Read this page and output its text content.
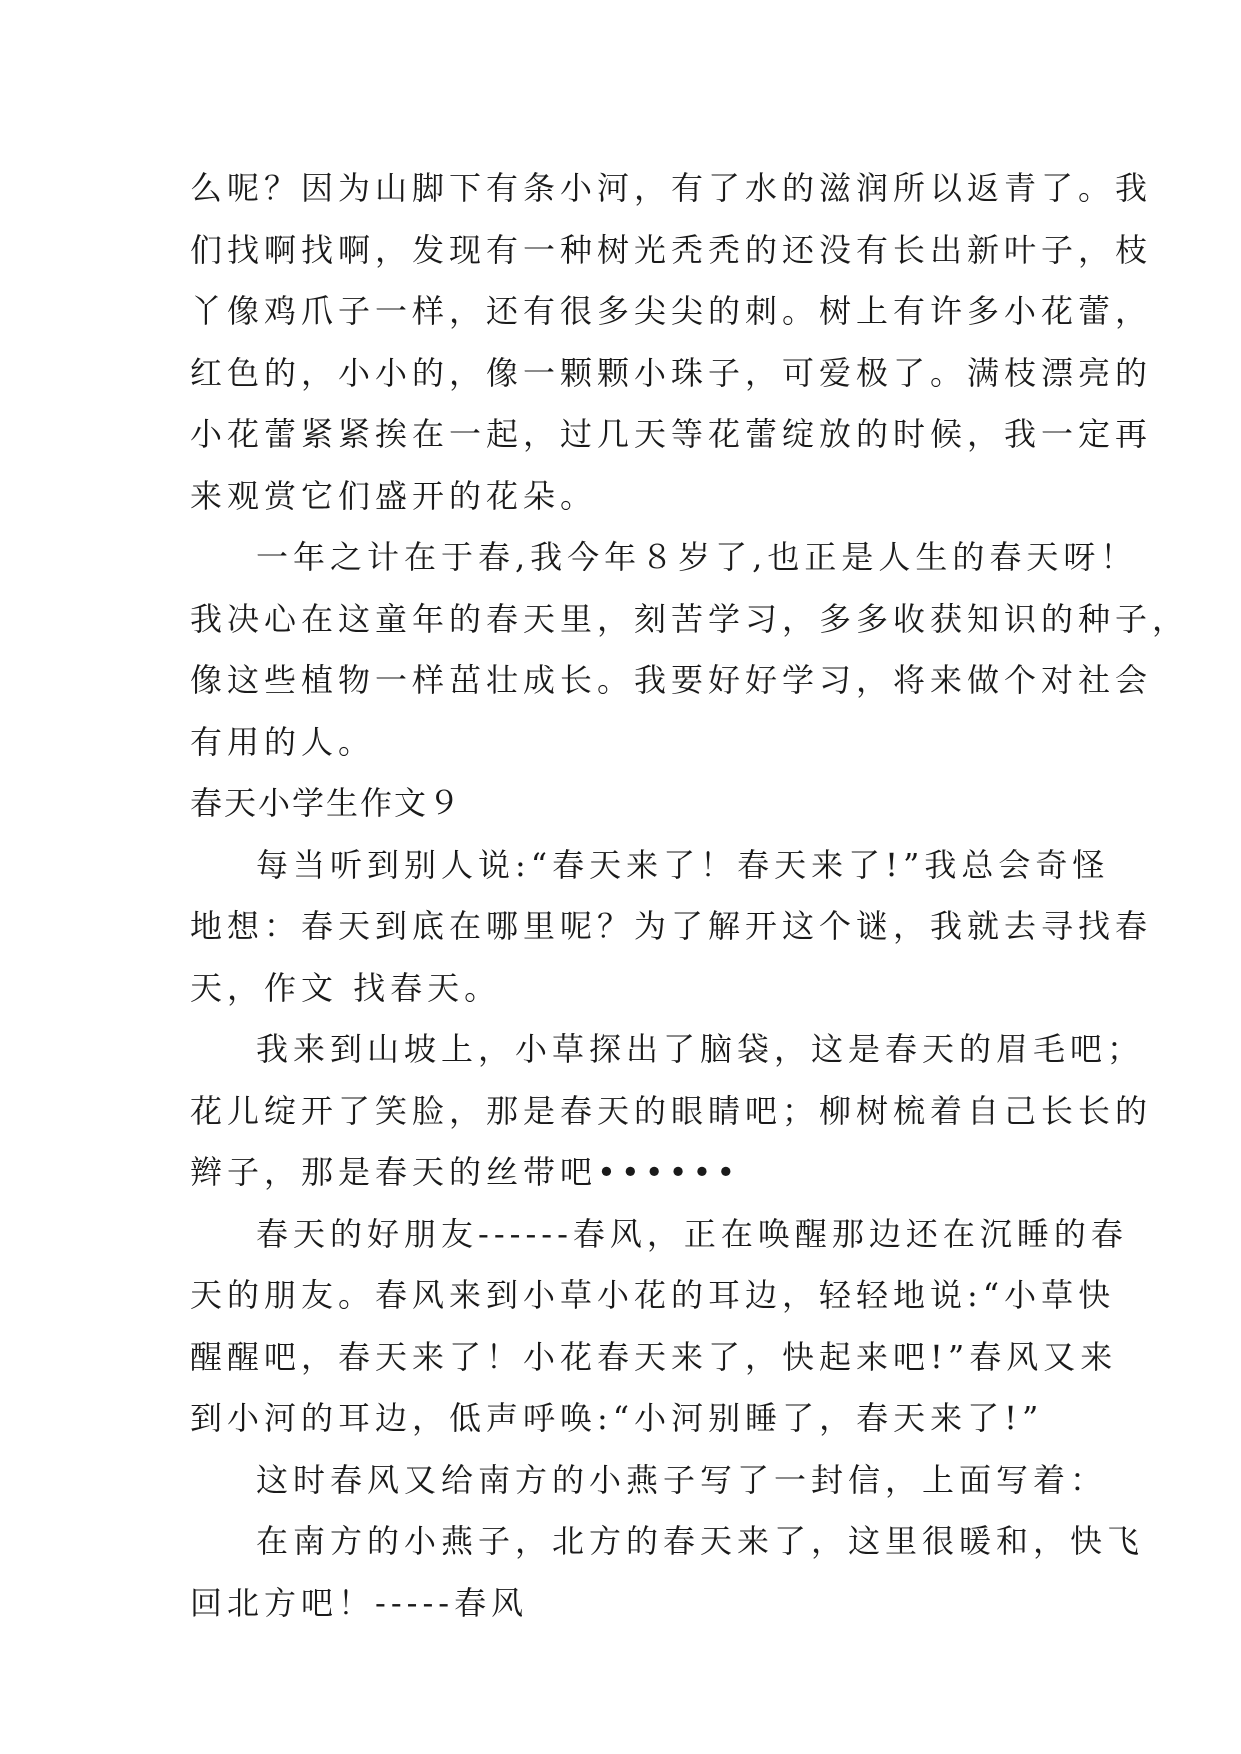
么呢？因为山脚下有条小河，有了水的滋润所以返青了。我
们找啊找啊，发现有一种树光秃秃的还没有长出新叶子，枝
丫像鸡爪子一样，还有很多尖尖的刺。树上有许多小花蕾，
红色的，小小的，像一颗颗小珠子，可爱极了。满枝漂亮的
小花蕾紧紧挨在一起，过几天等花蕾绽放的时候，我一定再
来观赏它们盛开的花朵。
一年之计在于春,我今年８岁了,也正是人生的春天呀！
我决心在这童年的春天里，刻苦学习，多多收获知识的种子，
像这些植物一样茁壮成长。我要好好学习，将来做个对社会
有用的人。
春天小学生作文９
每当听到别人说:“春天来了！春天来了!”我总会奇怪
地想：春天到底在哪里呢？为了解开这个谜，我就去寻找春
天，作文 找春天。
我来到山坡上，小草探出了脑袋，这是春天的眉毛吧；
花儿绽开了笑脸，那是春天的眼睛吧；柳树梳着自己长长的
辫子，那是春天的丝带吧••••••
春天的好朋友------春风，正在唤醒那边还在沉睡的春
天的朋友。春风来到小草小花的耳边，轻轻地说:“小草快
醒醒吧，春天来了！小花春天来了，快起来吧!”春风又来
到小河的耳边，低声呼唤:“小河别睡了，春天来了!”
这时春风又给南方的小燕子写了一封信，上面写着：
在南方的小燕子，北方的春天来了，这里很暖和，快飞
回北方吧！-----春风
